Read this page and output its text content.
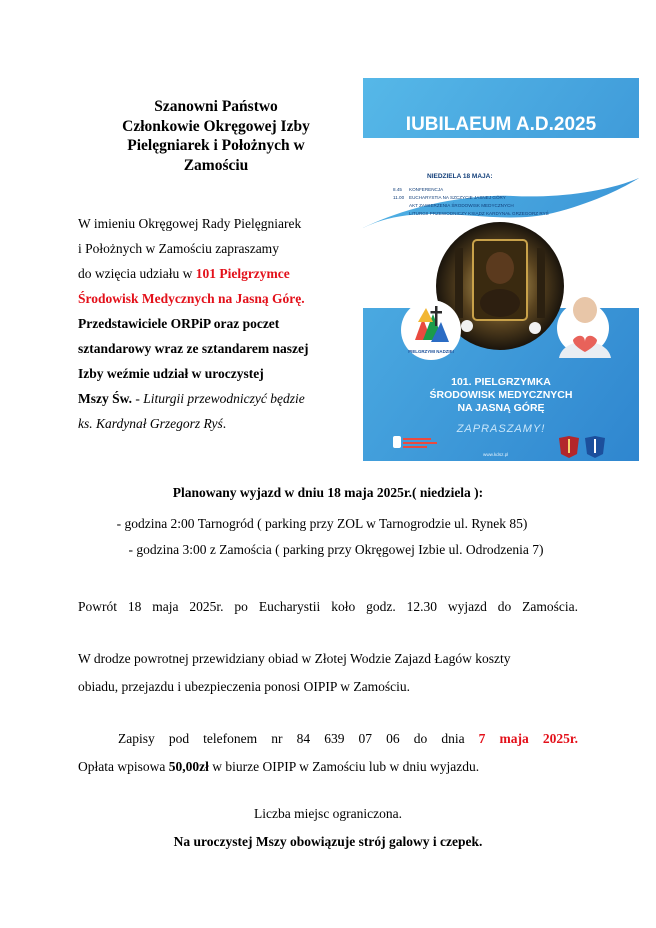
Szanowni Państwo
Członkowie Okręgowej Izby
Pielęgniarek i Położnych w
Zamościu
W imieniu Okręgowej Rady Pielęgniarek
i Położnych w Zamościu zapraszamy
do wzięcia udziału w 101 Pielgrzymce
Środowisk Medycznych na Jasną Górę.
Przedstawiciele ORPiP oraz poczet
sztandarowy wraz ze sztandarem naszej
Izby weźmie udział w uroczystej
Mszy Św. - Liturgii przewodniczyć będzie
ks. Kardynał Grzegorz Ryś.
IUBILAEUM A.D.2025
NIEDZIELA 18 MAJA:
8.45 KONFERENCJA
11.00 EUCHARYSTIA NA SZCZYCIE JASNEJ GÓRY
AKT ZAWIERZENIA ŚRODOWISK MEDYCZNYCH
LITURGII PRZEWODNICZY KSIĄDZ KARDYNAŁ GRZEGORZ RYŚ
PIELGRZYMI NADZIEI
101. PIELGRZYMKA
ŚRODOWISK MEDYCZNYCH
NA JASNĄ GÓRĘ
ZAPRASZAMY!
www.kdsz.pl
Planowany wyjazd w dniu 18 maja 2025r.( niedziela ):
- godzina 2:00 Tarnogród ( parking przy ZOL w Tarnogrodzie ul. Rynek 85)
- godzina 3:00 z Zamościa ( parking przy Okręgowej Izbie ul. Odrodzenia 7)
Powrót 18 maja 2025r. po Eucharystii koło godz. 12.30 wyjazd do Zamościa.
W drodze powrotnej przewidziany obiad w Złotej Wodzie Zajazd Łagów koszty
obiadu, przejazdu i ubezpieczenia ponosi OIPIP w Zamościu.
Zapisy pod telefonem nr 84 639 07 06 do dnia 7 maja 2025r.
Opłata wpisowa 50,00zł w biurze OIPIP w Zamościu lub w dniu wyjazdu.
Liczba miejsc ograniczona.
Na uroczystej Mszy obowiązuje strój galowy i czepek.
